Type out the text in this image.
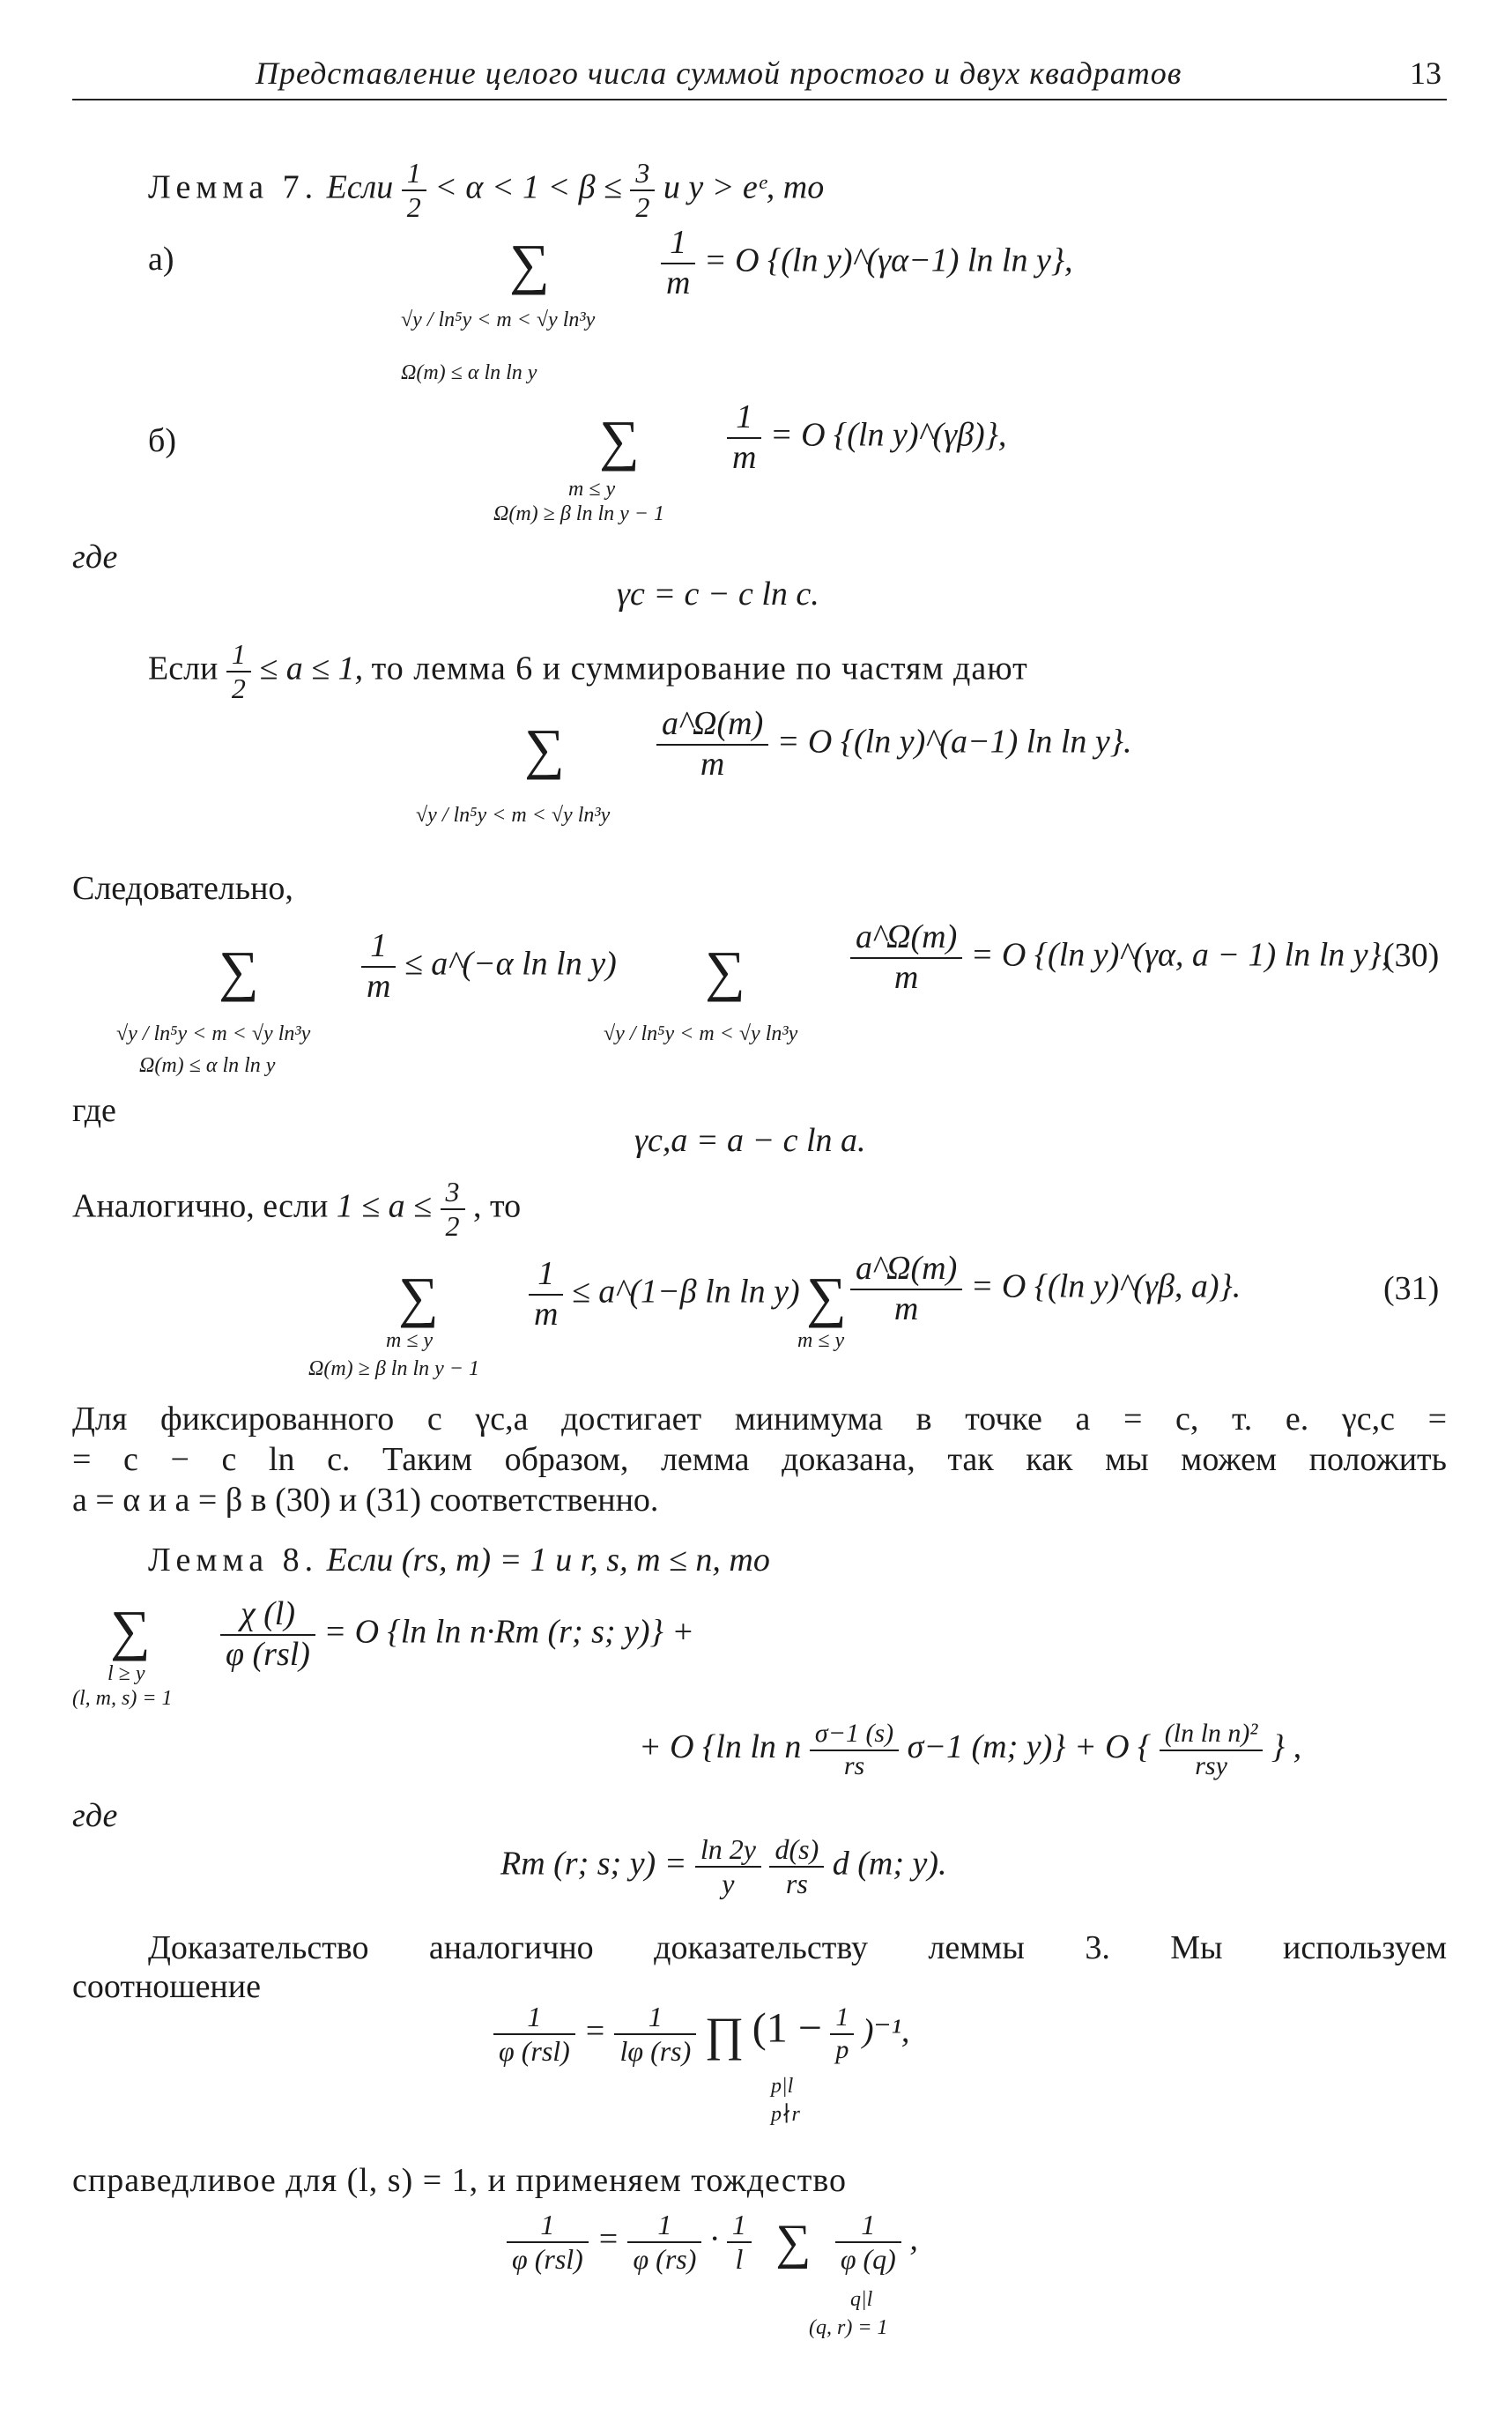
Представление целого числа суммой простого и двух квадратов	13
Лемма 7. Если $\frac{1}{2} < \alpha < 1 < \beta \le \frac{3}{2}$ и y > eᵉ, то
а)	∑	$\frac{1}{m} = O$ {(ln y)^(γα−1) ln ln y},
√y / ln⁵y < m < √y ln³y
Ω(m) ≤ α ln ln y
б)	∑	$\frac{1}{m} = O$ {(ln y)^(γβ)},
m ≤ y
Ω(m) ≥ β ln ln y − 1
где
γc = c − c ln c.
Если $\frac{1}{2} \le a \le 1$, то лемма 6 и суммирование по частям дают
∑	$\frac{a\^{}\Omega(m)}{m} = O$ {(ln y)^(a−1) ln ln y}.
√y / ln⁵y < m < √y ln³y
Следовательно,
∑	$\frac{1}{m}$ ≤ a^(−α ln ln y) ∑	$\frac{a\^{}\Omega(m)}{m} = O$ {(ln y)^(γα, a − 1) ln ln y},
(30)
√y / ln⁵y < m < √y ln³y
Ω(m) ≤ α ln ln y
√y / ln⁵y < m < √y ln³y
где
γc,a = a − c ln a.
Аналогично, если $1 \le a \le \frac{3}{2}$ , то
∑	$\frac{1}{m}$ ≤ a^(1−β ln ln y) ∑ $\frac{a\^{}\Omega(m)}{m} = O$ {(ln y)^(γβ, a)}.	(31)
m ≤ y
Ω(m) ≥ β ln ln y − 1
m ≤ y
Для фиксированного c γc,a достигает минимума в точке a = c, т. е. γc,c =
= c − c ln c. Таким образом, лемма доказана, так как мы можем положить
a = α и a = β в (30) и (31) соответственно.
Лемма 8. Если (rs, m) = 1 и r, s, m ≤ n, то
∑ $\frac{\chi (l)}{\text{φ (rsl)}} = O$ {ln ln n·Rm (r; s; y)} +
l ≥ y
(l, m, s) = 1
+ O {ln ln n $\frac{\sigma-1 (s)}{rs} \sigma-1$ (m; y)} + O { $\frac{\text{(ln ln n)²}}{\text{rsy}}$ } ,
где
Rm (r; s; $y) = \frac{\ln 2y}{y}$
$\frac{d(s)}{rs}$ d (m; y).
Доказательство аналогично доказательству леммы 3. Мы используем
соотношение
$\frac{1}{\text{φ (rsl)}} = \frac{1}{l\varphi (rs)}$ ∏ $(1 - \frac{1}{p} )^{-1}$,
p|l
p∤r
справедливое для (l, s) = 1, и применяем тождество
$\frac{1}{\text{φ (rsl)}} = \frac{1}{\varphi (rs)} \cdot \frac{1}{l}$ ∑ $\frac{1}{\varphi (q)}$ ,
q|l
(q, r) = 1
